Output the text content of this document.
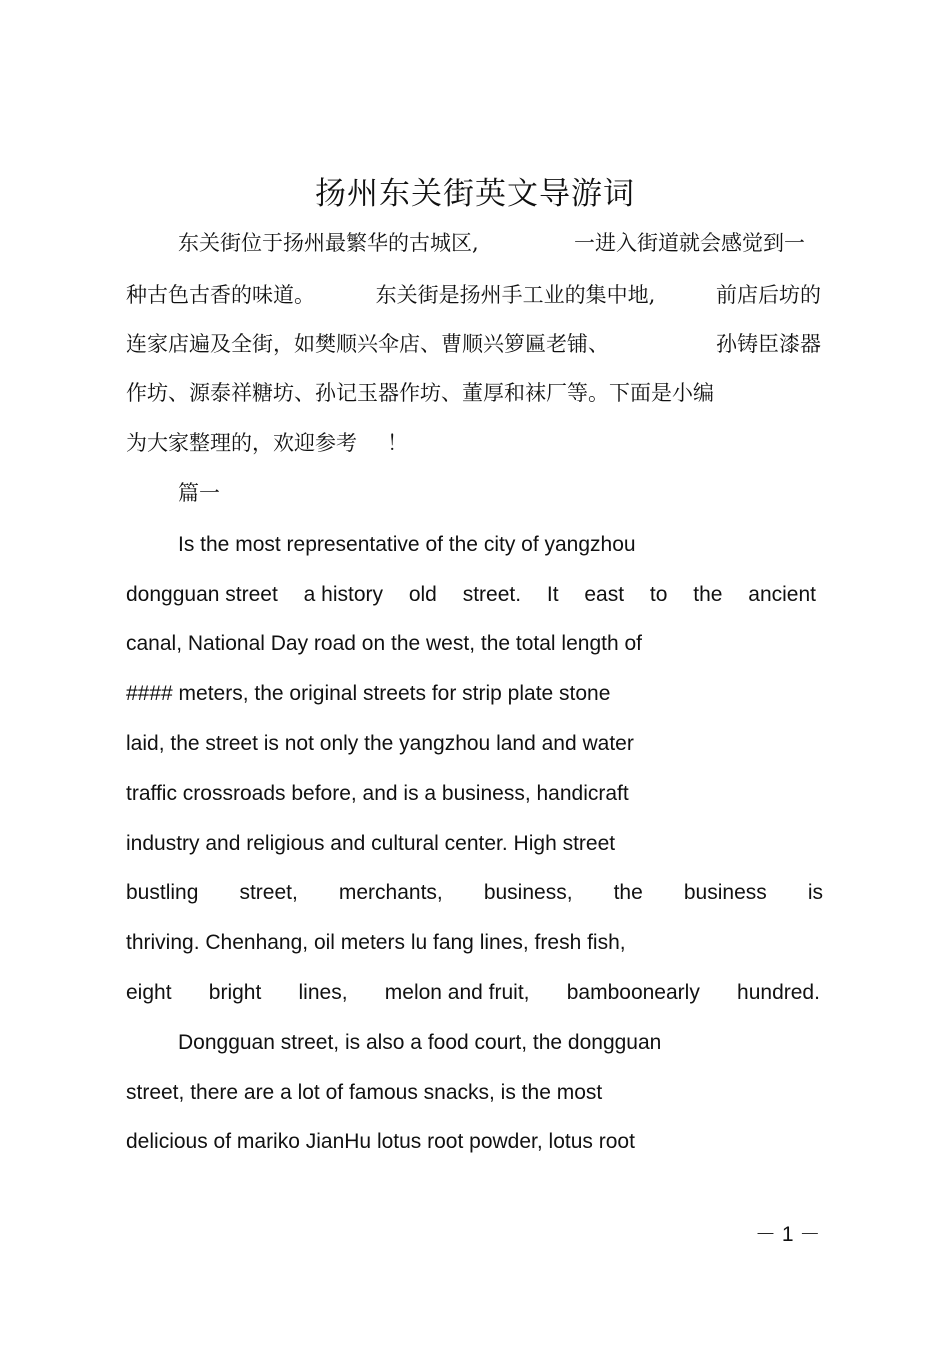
扬州东关街英文导游词
东关街位于扬州最繁华的古城区,	一进入街道就会感觉到一
种古色古香的味道。	东关街是扬州手工业的集中地,	前店后坊的
连家店遍及全街，如樊顺兴伞店、曹顺兴箩匾老铺、	孙铸臣漆器
作坊、源泰祥糖坊、孙记玉器作坊、董厚和袜厂等。下面是小编
为大家整理的，欢迎参考 ！
篇一
Is the most representative of the city of yangzhou
dongguan street a history old street. It east to the ancient
canal, National Day road on the west, the total length of
#### meters, the original streets for strip plate stone
laid, the street is not only the yangzhou land and water
traffic crossroads before, and is a business, handicraft
industry and religious and cultural center. High street
bustling street, merchants, business, the business is
thriving. Chenhang, oil meters lu fang lines, fresh fish,
eight bright lines, melon and fruit, bamboonearly hundred.
Dongguan street, is also a food court, the dongguan
street, there are a lot of famous snacks, is the most
delicious of mariko JianHu lotus root powder, lotus root
－ 1 －
